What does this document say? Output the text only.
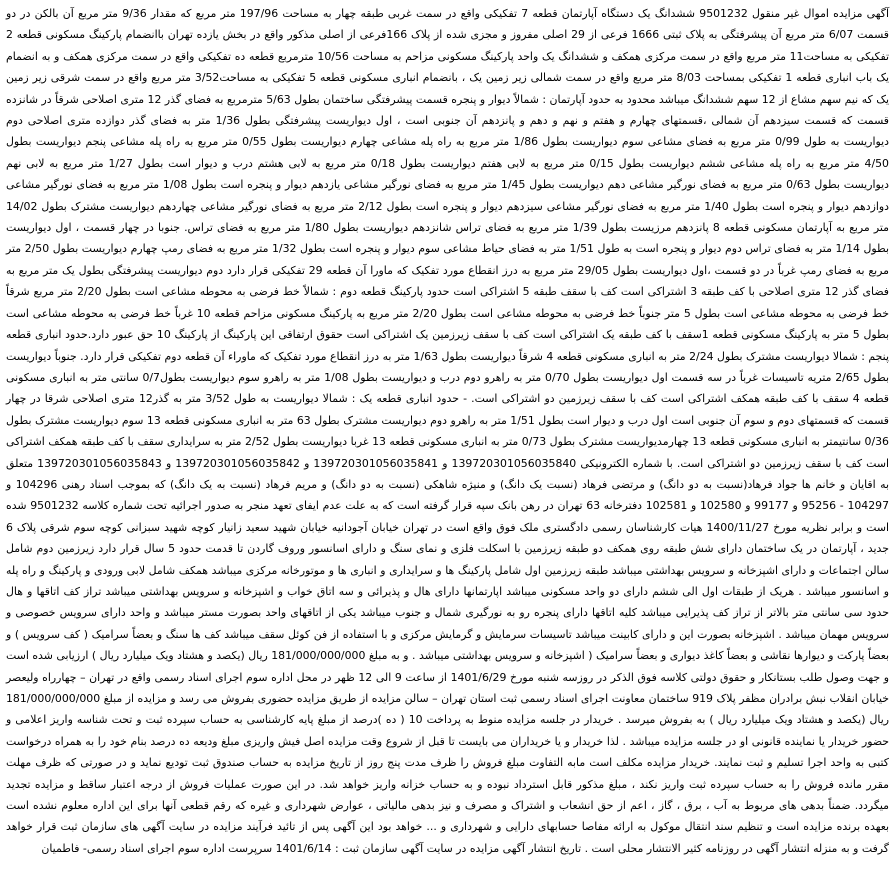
آگهی مزایده اموال غیر منقول 9501232 ششدانگ یک دستگاه آپارتمان قطعه 7 تفکیکی واقع در سمت غربی طبقه چهار به مساحت 197/96 متر مربع که مقدار 9/36 متر مربع آن بالکن در دو قسمت 6/07 متر مربع آن پیشرفتگی به پلاک ثبتی 1666 فرعی از 29 اصلی مفروز و مجزی شده از پلاک 166فرعی از اصلی مذکور واقع در بخش یازده تهران باانضمام پارکینگ مسکونی قطعه 2 تفکیکی به مساحت11 متر مربع واقع در سمت مرکزی همکف و ششدانگ یک واحد پارکینگ مسکونی مزاحم به مساحت 10/56 مترمربع قطعه ده تفکیکی واقع در سمت مرکزی همکف و به انضمام یک باب انباری قطعه 1 تفکیکی بمساحت 8/03 متر مربع واقع در سمت شمالی زیر زمین یک ، بانضمام انباری مسکونی قطعه 5 تفکیکی به مساحت3/52 متر مربع واقع در سمت شرقی زیر زمین یک که نیم سهم مشاع از 12 سهم ششدانگ میباشد محدود به حدود آپارتمان : شمالاً دیوار و پنجره قسمت پیشرفتگی ساختمان بطول 5/63 مترمربع به فضای گذر 12 متری اصلاحی شرقاً در شانزده قسمت که قسمت سیزدهم آن شمالی ،قسمتهای چهارم و هفتم و نهم و دهم و پانزدهم آن جنوبی است ، اول دیواریست پیشرفتگی بطول 1/36 متر به فضای گذر دوازده متری اصلاحی دوم دیواریست به طول 0/99 متر مربع به فضای مشاعی سوم دیواریست بطول 1/86 متر مربع به راه پله مشاعی چهارم دیواریست بطول 0/55 متر مربع به راه پله مشاعی پنجم دیواریست بطول 4/50 متر مربع به راه پله مشاعی ششم دیواریست بطول 0/15 متر مربع به لابی هفتم دیواریست بطول 0/18 متر مربع به لابی هشتم درب و دیوار است بطول 1/27 متر مربع به لابی نهم دیواریست بطول 0/63 متر مربع به فضای نورگیر مشاعی دهم دیواریست بطول 1/45 متر مربع به فضای نورگیر مشاعی یازدهم دیوار و پنجره است بطول 1/08 متر مربع به فضای نورگیر مشاعی دوازدهم دیوار و پنجره است بطول 1/40 متر مربع به فضای نورگیر مشاعی سیزدهم دیوار و پنجره است بطول 2/12 متر مربع به فضای نورگیر مشاعی چهاردهم دیواریست مشترک بطول 14/02 متر مربع به آپارتمان مسکونی قطعه 8 پانزدهم مرزیست بطول 1/39 متر مربع به فضای تراس شانزدهم دیواریست بطول 1/80 متر مربع به فضای تراس. جنوبا در چهار قسمت ، اول دیواریست بطول 1/14 متر به فضای تراس دوم دیوار و پنجره است به طول 1/51 متر به فضای حیاط مشاعی سوم دیوار و پنجره است بطول 1/32 متر مربع به فضای رمپ چهارم دیواریست بطول 2/50 متر مربع به فضای رمپ غرباً در دو قسمت ،اول دیواریست بطول 29/05 متر مربع به درز انقطاع مورد تفکیک که ماورا آن قطعه 29 تفکیکی قرار دارد دوم دیواریست پیشرفتگی بطول یک متر مربع به فضای گذر 12 متری اصلاحی با کف طبقه 3 اشتراکی است کف با سقف طبقه 5 اشتراکی است حدود پارکینگ قطعه دوم : شمالاً خط فرضی به محوطه مشاعی است بطول 2/20 متر مربع شرقاً خط فرضی به محوطه مشاعی است بطول 5 متر جنوباً خط فرضی به محوطه مشاعی است بطول 2/20 متر مربع به پارکینگ مسکونی مزاحم قطعه 10 غرباً خط فرضی به محوطه مشاعی است بطول 5 متر به پارکینگ مسکونی قطعه 1سقف با کف طبقه یک اشتراکی است کف با سقف زیرزمین یک اشتراکی است حقوق ارتفاقی این پارکینگ از پارکینگ 10 حق عبور دارد.حدود انباری قطعه پنجم : شمالا دیواریست مشترک بطول 2/24 متر به انباری مسکونی قطعه 4 شرقاً دیواریست بطول 1/63 متر به درز انقطاع مورد تفکیک که ماوراء آن قطعه دوم تفکیکی قرار دارد. جنوباً دیواریست بطول 2/65 متریه تاسیسات غرباً در سه قسمت اول دیواریست بطول 0/70 متر به راهرو دوم درب و دیواریست بطول 1/08 متر به راهرو سوم دیواریست بطول0/7 سانتی متر به انباری مسکونی قطعه 4 سقف با کف طبقه همکف اشتراکی است کف با سقف زیرزمین دو اشتراکی است. - حدود انباری قطعه یک : شمالا دیواریست به طول 3/52 متر به گذر12 متری اصلاحی شرقا در چهار قسمت که قسمتهای دوم و سوم آن جنوبی است اول درب و دیوار است بطول 1/51 متر به راهرو دوم دیواریست مشترک بطول 63 متر به انباری مسکونی قطعه 13 سوم دیواریست مشترک بطول 0/36 سانتیمتر به انباری مسکونی قطعه 13 چهارمدیواریست مشترک بطول 0/73 متر به انباری مسکونی قطعه 13 غربا دیواریست بطول 2/52 متر به سرایداری سقف با کف طبقه همکف اشتراکی است کف با سقف زیرزمین دو اشتراکی است. با شماره الکترونیکی 139720301056035840 و 139720301056035841 و 139720301056035842 و 139720301056035843 متعلق به اقایان و خانم ها جواد فرهاد(نسبت به دو دانگ) و مرتضی فرهاد (نسبت یک دانگ) و منیژه شاهکی (نسبت به دو دانگ) و مریم فرهاد (نسبت به یک دانگ) که بموجب اسناد رهنی 104296 و 104297 - 95256 و 99177 و 102580 و 102581 دفترخانه 63 تهران در رهن بانک سپه قرار گرفته است که به علت عدم ایفای تعهد منجر به صدور اجرائیه تحت شماره کلاسه 9501232 شده است و برابر نظریه مورخ 1400/11/27 هیات کارشناسان رسمی دادگستری ملک فوق واقع است در تهران خیابان آجودانیه خیابان شهید سعید زانیار کوچه شهید سبزانی کوچه سوم شرقی پلاک 6 جدید ، آپارتمان در یک ساختمان دارای شش طبقه روی همکف دو طبقه زیرزمین با اسکلت فلزی و نمای سنگ و دارای اسانسور وروف گاردن تا قدمت حدود 5 سال قرار دارد زیرزمین دوم شامل سالن اجتماعات و دارای اشپزخانه و سرویس بهداشتی میباشد طبقه زیرزمین اول شامل پارکینگ ها و سرایداری و انباری ها و موتورخانه مرکزی میباشد همکف شامل لابی ورودی و پارکینگ و راه پله و اسانسور میباشد . هریک از طبقات اول الی ششم دارای دو واحد مسکونی میباشد اپارتمانها دارای هال و پذیرائی و سه اتاق خواب و اشپزخانه و سرویس بهداشتی میباشد تراز کف اتاقها و هال حدود سی سانتی متر بالاتر از تراز کف پذیرایی میباشد کلیه اتاقها دارای پنجره رو به نورگیری شمال و جنوب میباشد یکی از اتاقهای واحد بصورت مستر میباشد و واحد دارای سرویس خصوصی و سرویس مهمان میباشد . اشپزخانه بصورت این و دارای کابینت میباشد تاسیسات سرمایش و گرمایش مرکزی و با استفاده از فن کوئل سقف میباشد کف ها سنگ و بعضاً سرامیک ( کف سرویس ) و بعضاً پارکت و دیوارها نقاشی و بعضاً کاغذ دیواری و بعضاً سرامیک ( اشپزخانه و سرویس بهداشتی میباشد . و به مبلغ 181/000/000/000 ریال (یکصد و هشتاد ویک میلیارد ریال ) ارزیابی شده است و جهت وصول طلب بستانکار و حقوق دولتی کلاسه فوق الذکر در روزسه شنبه مورخ 1401/6/29 از ساعت 9 الی 12 ظهر در محل اداره سوم اجرای اسناد رسمی واقع در تهران – چهارراه ولیعصر خیابان انقلاب نبش برادران مظفر پلاک 919 ساختمان معاونت اجرای اسناد رسمی ثبت استان تهران – سالن مزایده از طریق مزایده حضوری بفروش می رسد و مزایده از مبلغ 181/000/000/000 ریال (یکصد و هشتاد ویک میلیارد ریال ) به بفروش میرسد . خریدار در جلسه مزایده منوط به پرداخت 10 ( ده )درصد از مبلغ پایه کارشناسی به حساب سپرده ثبت و تحت شناسه واریز اعلامی و حضور خریدار یا نماینده قانونی او در جلسه مزایده میباشد . لذا خریدار و یا خریداران می بایست تا قبل از شروع وقت مزایده اصل فیش واریزی مبلغ ودیعه ده درصد بنام خود را به همراه درخواست کتبی به واحد اجرا تسلیم و ثبت نمایند. خریدار مزایده مکلف است مابه التفاوت مبلغ فروش را ظرف مدت پنج روز از تاریخ مزایده به حساب صندوق ثبت تودیع نماید و در صورتی که ظرف مهلت مقرر مانده فروش را به حساب سپرده ثبت واریز نکند ، مبلغ مذکور قابل استرداد نبوده و به حساب خزانه واریز خواهد شد. در این صورت عملیات فروش از درجه اعتبار ساقط و مزایده تجدید میگردد. ضمناً بدهی های مربوط به آب ، برق ، گاز ، اعم از حق انشعاب و اشتراک و مصرف و نیز بدهی مالیاتی ، عوارض شهرداری و غیره که رقم قطعی آنها برای این اداره معلوم نشده است بعهده برنده مزایده است و تنظیم سند انتقال موکول به ارائه مفاصا حسابهای دارایی و شهرداری و ... خواهد بود این آگهی پس از تائید فرآیند مزایده در سایت آگهی های سازمان ثبت قرار خواهد گرفت و به منزله انتشار آگهی در روزنامه کثیر الانتشار محلی است . تاریخ انتشار آگهی مزایده در سایت آگهی سازمان ثبت : 1401/6/14 سرپرست اداره سوم اجرای اسناد رسمی- فاطمیان
